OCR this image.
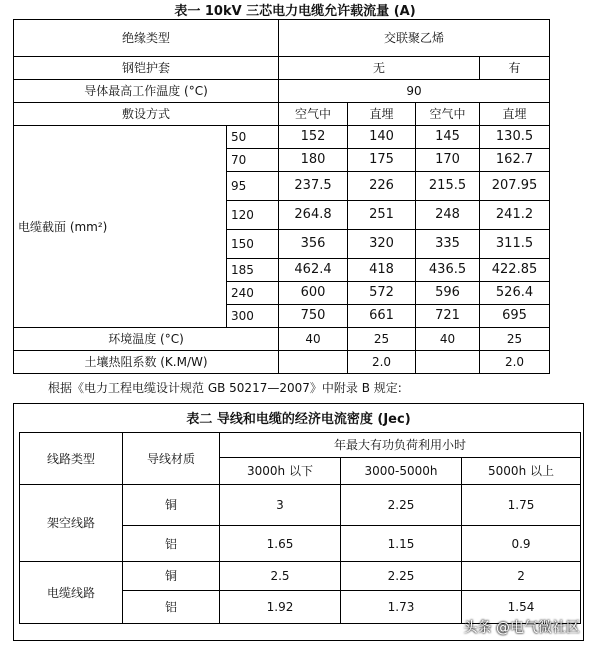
表一 10kV 三芯电力电缆允许载流量 (A)
绝缘类型		交联聚乙烯			
钢铠护套		无			有
导体最高工作温度 (°C)		90			
敷设方式		空气中	直埋	空气中	直埋
电缆截面 (mm²)	50	152	140	145	130.5
	70	180	175	170	162.7
	95	237.5	226	215.5	207.95
	120	264.8	251	248	241.2
	150	356	320	335	311.5
	185	462.4	418	436.5	422.85
	240	600	572	596	526.4
	300	750	661	721	695
环境温度 (°C)		40	25	40	25
土壤热阻系数 (K.M/W)			2.0		2.0
根据《电力工程电缆设计规范 GB 50217—2007》中附录 B 规定:
表二 导线和电缆的经济电流密度 (Jec)
线路类型	导线材质	年最大有功负荷利用小时		
		3000h 以下	3000-5000h	5000h 以上
架空线路	铜	3	2.25	1.75
	铝	1.65	1.15	0.9
电缆线路	铜	2.5	2.25	2
	铝	1.92	1.73	1.54
头条 @电气微社区
